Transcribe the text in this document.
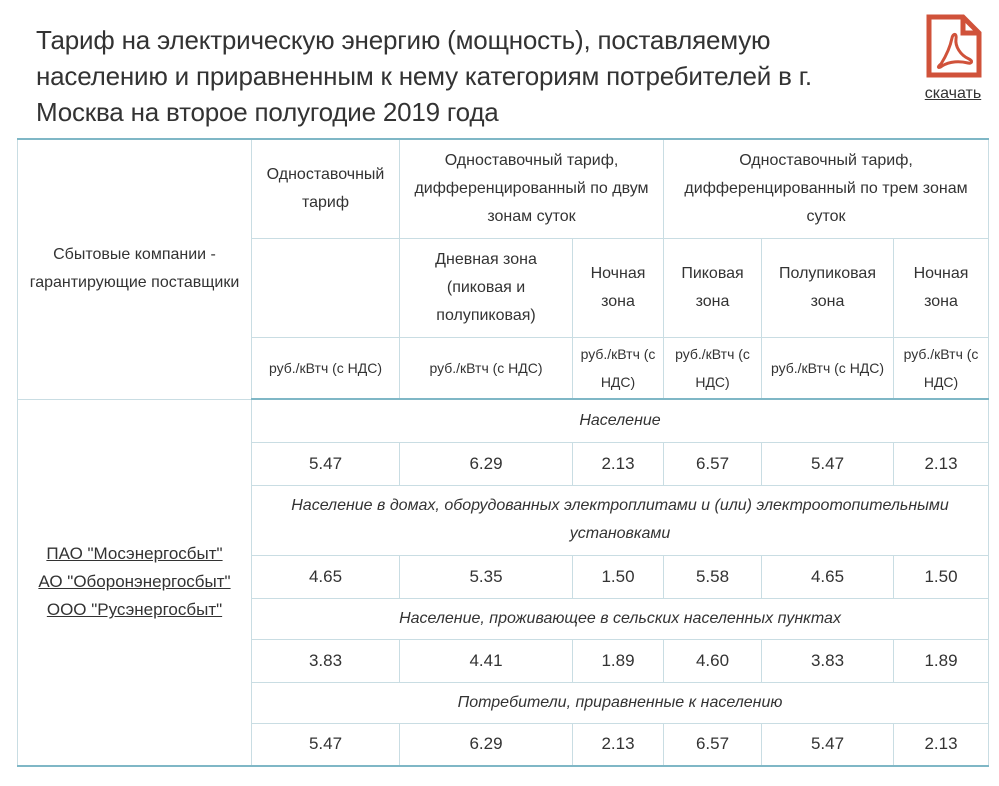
Тариф на электрическую энергию (мощность), поставляемую населению и приравненным к нему категориям потребителей в г. Москва на второе полугодие 2019 года
скачать
Сбытовые компании - гарантирующие поставщики	Одноставочный тариф	Одноставочный тариф, дифференцированный по двум зонам суток		Одноставочный тариф, дифференцированный по трем зонам суток		
		Дневная зона (пиковая и полупиковая)	Ночная зона	Пиковая зона	Полупиковая зона	Ночная зона
	руб./кВтч (с НДС)	руб./кВтч (с НДС)	руб./кВтч (с НДС)	руб./кВтч (с НДС)	руб./кВтч (с НДС)	руб./кВтч (с НДС)

ПАО "Мосэнергосбыт"
АО "Оборонэнергосбыт"
ООО "Русэнергосбыт"	Население					
	5.47	6.29	2.13	6.57	5.47	2.13
	Население в домах, оборудованных электроплитами и (или) электроотопительными установками					
	4.65	5.35	1.50	5.58	4.65	1.50
	Население, проживающее в сельских населенных пунктах					
	3.83	4.41	1.89	4.60	3.83	1.89
	Потребители, приравненные к населению					
	5.47	6.29	2.13	6.57	5.47	2.13
